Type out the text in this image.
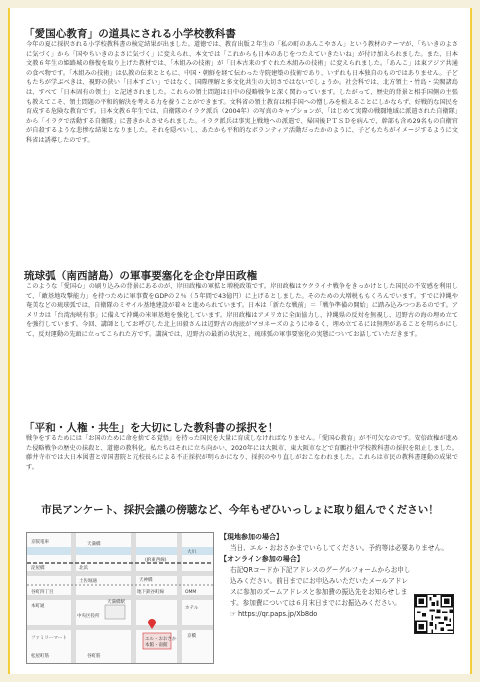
「愛国心教育」の道具にされる小学校教科書
今年の夏に採択される小学校教科書の検定結果が出ました。道徳では、教育出版２年生の「私の町のあんこやさん」という教材のテーマが、「ちいきのよさに気づく」から「国やちいきのよさに気づく」に変えられ、本文では「これからも日本のあじをつたえていきたいね」が付け加えられました。また、日本文教６年生の姫路城の修復を取り上げた教材では、「木組みの技術」が「日本古来のすぐれた木組みの技術」に変えられました。「あんこ」は東アジア共通の食べ物です。「木組みの技術」は仏教の伝来とともに、中国・朝鮮を経て伝わった寺院建築の技術であり、いずれも日本独自のものではありません。子どもたちが学ぶべきは、視野の狭い「日本すごい」ではなく、国際理解と多文化共生の大切さではないでしょうか。社会科では、北方領土・竹島・尖閣諸島は、すべて「日本固有の領土」と記述されました。これらの領土問題は日中の侵略戦争と深く関わっています。したがって、歴史的背景と相手国側の主張も教えてこそ、領土問題の平和的解決を考える力を養うことができます。文科省の領土教育は相手国への憎しみを植えることにしかならず、好戦的な国民を育成する危険な教育です。日本文教６年生では、自衛隊のイラク派兵（2004年）の写真のキャプションが、「はじめて実際の戦闘地域に派遣された自衛隊」から「イラクで活動する自衛隊」に書きかえさせられました。イラク派兵は事実上戦地への派遣で、帰国後ＰＴＳＤを病んで、幹部も含め29名もの自衛官が自殺するような悲惨な結果となりました。それを隠ぺいし、あたかも平和的なボランティア活動だったかのように、子どもたちがイメージするように文科省は誘導したのです。
琉球弧（南西諸島）の軍事要塞化を企む岸田政権
このような「愛国心」の刷り込みの背景にあるのが、岸田政権の軍拡と増税政策です。岸田政権はウクライナ戦争をきっかけとした国民の不安感を利用して、「敵基地攻撃能力」を持つために軍事費をGDPの２％（５年間で43億円）に上げるとしました。そのための大増税ももくろんでいます。すでに沖縄や奄美などの琉球弧では、自衛隊のミサイル基地建設が着々と進められています。日本は「新たな戦前」＝「戦争準備の開始」に踏み込みつつあるのです。アメリカは「台湾海峡有事」に備えて沖縄の米軍基地を強化しています。岸田政権はアメリカに全面協力し、沖縄県の反対を無視し、辺野古の海の埋め立てを強行しています。今回、講師としてお呼びした北上田毅さんは辺野古の海底がマヨネーズのようにゆるく、埋め立てるには無理があることを明らかにして、反対運動の先頭に立ってこられた方です。講演では、辺野古の最新の状況と、琉球弧の軍事要塞化の実態についてお話していただきます。
「平和・人権・共生」を大切にした教科書の採択を！
戦争をするためには「お国のために命を捨てる覚悟」を持った国民を大量に育成しなければなりません。「愛国心教育」が不可欠なのです。安倍政権が進めた侵略戦争の歴史の抹殺と、道徳の教科化。私たちはそれに立ち向かい、2020年には大阪市、東大阪市などで育鵬社中学校教科書の採択を阻止しました。藤井寺市では大日本図書と帝国書院と元校長らによる不正採択が明らかになり、採択のやり直しがおこなわれました。これらは市民の教科書運動の成果です。
市民アンケート、採択会議の傍聴など、今年もぜひいっしょに取り組んでください！
京阪電車	天満橋
淀屋橋	北浜
(JR東西線)
土佐堀通	天神橋
大川
谷町四丁目
本町通
中央区役所
ホテル
地下鉄谷町線	OMM
天満橋駅
エル・おおさか
本館・南館
ファミリーマート	京橋
松屋町筋	谷町筋
【現地参加の場合】
当日、エル・おおさかまでいらしてください。予約等は必要ありません。
【オンライン参加の場合】
右記QRコードか下記アドレスのグーグルフォームからお申し込みください。前日までにお申込みいただいたメールアドレスに参加のズームアドレスと参加費の振込先をお知らせします。参加費については６月末日までにお振込みください。
☞ https://qr.paps.jp/Xb8do
